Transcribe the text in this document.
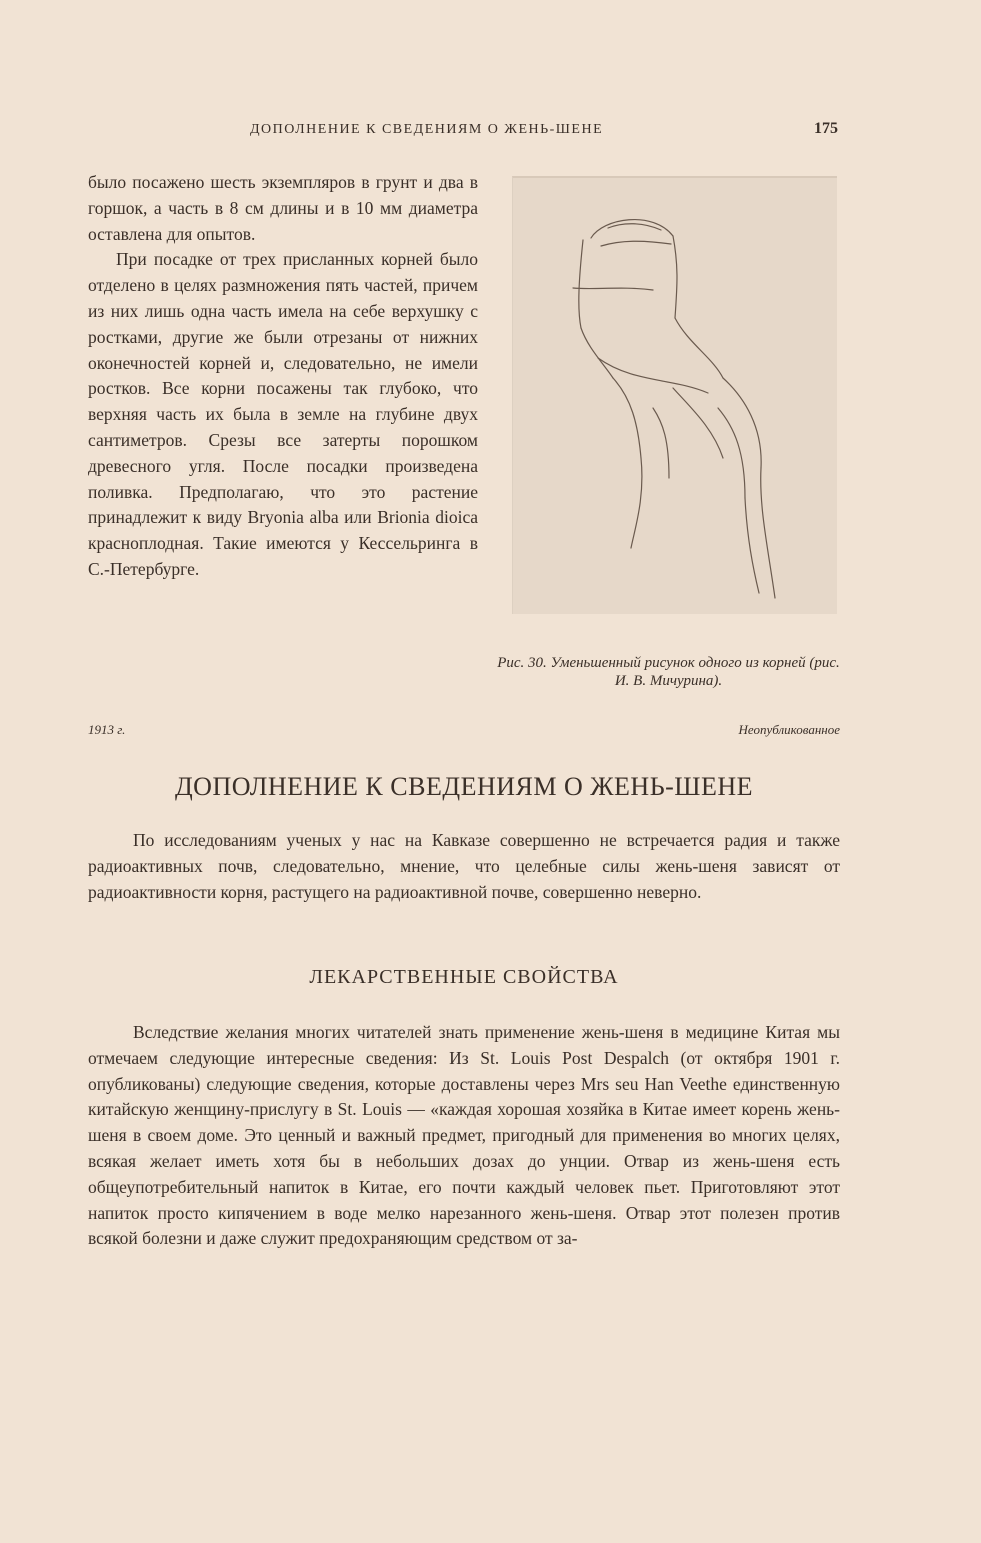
ДОПОЛНЕНИЕ К СВЕДЕНИЯМ О ЖЕНЬ-ШЕНЕ	175

было посажено шесть экземпляров в грунт и два в горшок, а часть в 8 см длины и в 10 мм диаметра оставлена для опытов.

При посадке от трех присланных корней было отделено в целях размножения пять частей, причем из них лишь одна часть имела на себе верхушку с ростками, другие же были отрезаны от нижних оконечностей корней и, следовательно, не имели ростков. Все корни посажены так глубоко, что верхняя часть их была в земле на глубине двух сантиметров. Срезы все затерты порошком древесного угля. После посадки произведена поливка. Предполагаю, что это растение принадлежит к виду Bryonia alba или Brionia dioica красноплодная. Такие имеются у Кессельринга в С.-Петербурге.

Рис. 30. Уменьшенный рисунок одного из корней (рис. И. В. Мичурина).
1913 г.	Неопубликованное
ДОПОЛНЕНИЕ К СВЕДЕНИЯМ О ЖЕНЬ-ШЕНЕ

По исследованиям ученых у нас на Кавказе совершенно не встречается радия и также радиоактивных почв, следовательно, мнение, что целебные силы жень-шеня зависят от радиоактивности корня, растущего на радиоактивной почве, совершенно неверно.

ЛЕКАРСТВЕННЫЕ СВОЙСТВА

Вследствие желания многих читателей знать применение жень-шеня в медицине Китая мы отмечаем следующие интересные сведения: Из St. Louis Post Despalch (от октября 1901 г. опубликованы) следующие сведения, которые доставлены через Mrs seu Han Veethe единственную китайскую женщину-прислугу в St. Louis — «каждая хорошая хозяйка в Китае имеет корень жень-шеня в своем доме. Это ценный и важный предмет, пригодный для применения во многих целях, всякая желает иметь хотя бы в небольших дозах до унции. Отвар из жень-шеня есть общеупотребительный напиток в Китае, его почти каждый человек пьет. Приготовляют этот напиток просто кипячением в воде мелко нарезанного жень-шеня. Отвар этот полезен против всякой болезни и даже служит предохраняющим средством от за-
